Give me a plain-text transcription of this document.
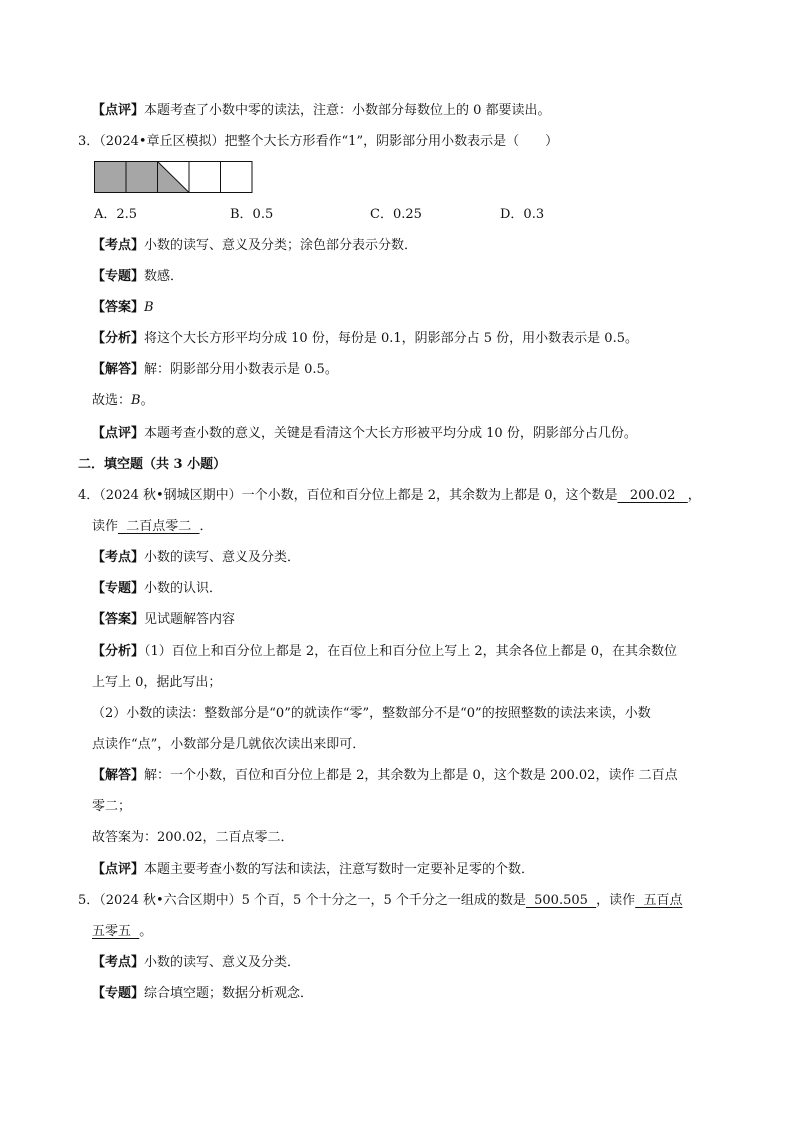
【点评】本题考查了小数中零的读法，注意：小数部分每数位上的 0 都要读出。
3．（2024•章丘区模拟）把整个大长方形看作“1”，阴影部分用小数表示是（　　）
A．2.5	B．0.5	C．0.25	D．0.3
【考点】小数的读写、意义及分类；涂色部分表示分数．
【专题】数感．
【答案】B
【分析】将这个大长方形平均分成 10 份，每份是 0.1，阴影部分占 5 份，用小数表示是 0.5。
【解答】解：阴影部分用小数表示是 0.5。
故选：B。
【点评】本题考查小数的意义，关键是看清这个大长方形被平均分成 10 份，阴影部分占几份。
二．填空题（共 3 小题）
4．（2024 秋•钢城区期中）一个小数，百位和百分位上都是 2，其余数为上都是 0，这个数是   200.02   ，
读作  二百点零二  ．
【考点】小数的读写、意义及分类．
【专题】小数的认识．
【答案】见试题解答内容
【分析】（1）百位上和百分位上都是 2，在百位上和百分位上写上 2，其余各位上都是 0，在其余数位
上写上 0，据此写出；
（2）小数的读法：整数部分是“0”的就读作“零”，整数部分不是“0”的按照整数的读法来读，小数
点读作“点”，小数部分是几就依次读出来即可．
【解答】解：一个小数，百位和百分位上都是 2，其余数为上都是 0，这个数是 200.02，读作 二百点
零二；
故答案为：200.02，二百点零二．
【点评】本题主要考查小数的写法和读法，注意写数时一定要补足零的个数．
5．（2024 秋•六合区期中）5 个百，5 个十分之一，5 个千分之一组成的数是  500.505  ，读作  五百点
五零五  。
【考点】小数的读写、意义及分类．
【专题】综合填空题；数据分析观念．
